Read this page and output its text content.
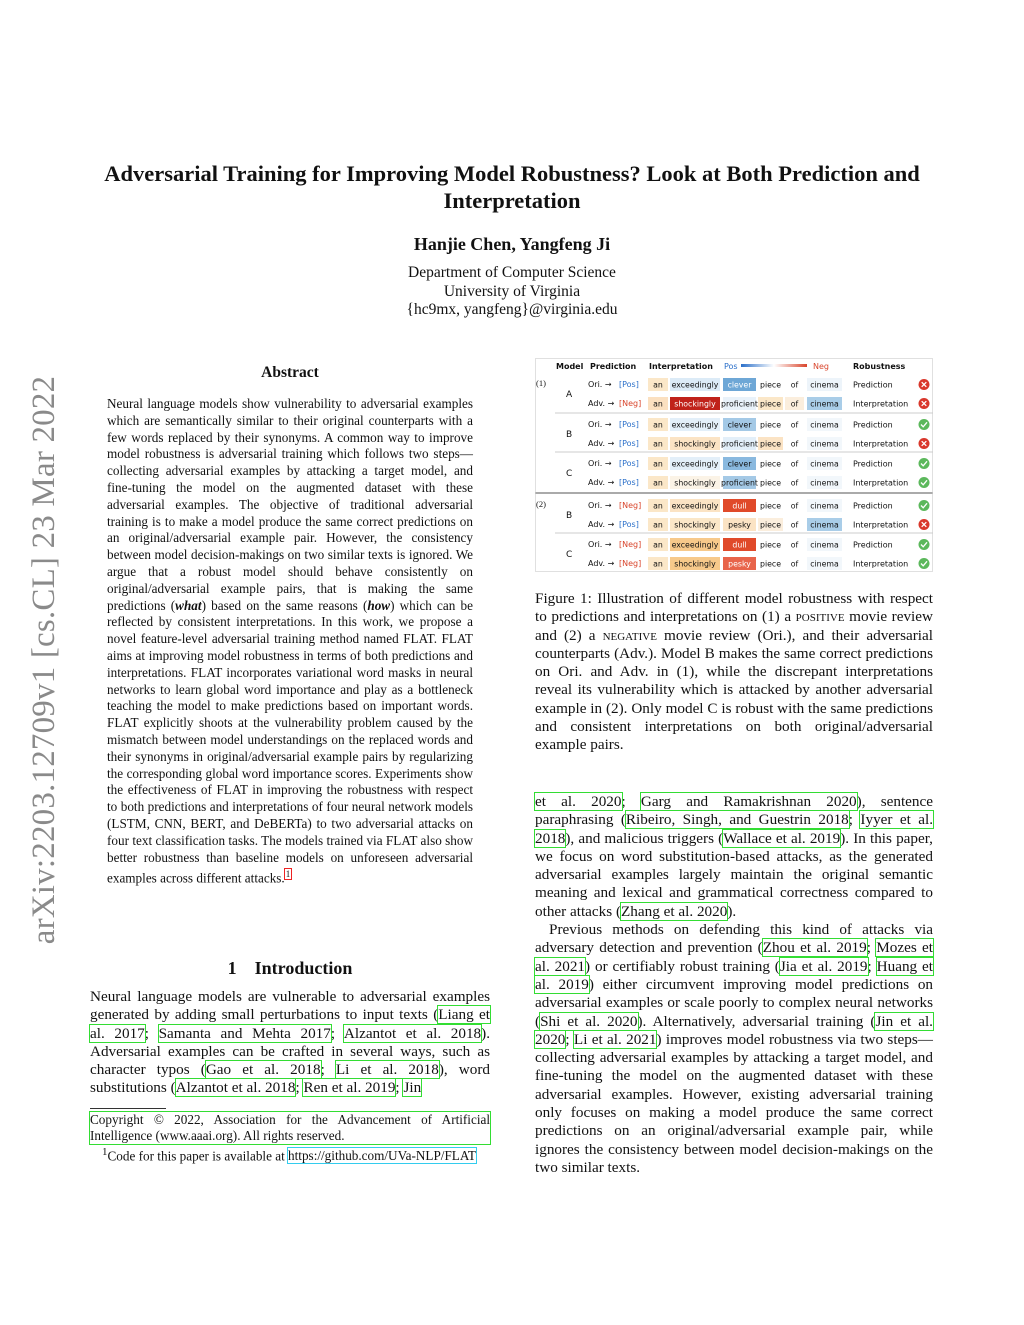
arXiv:2203.12709v1 [cs.CL] 23 Mar 2022
Adversarial Training for Improving Model Robustness? Look at Both Prediction and Interpretation
Hanjie Chen, Yangfeng Ji
Department of Computer Science
University of Virginia
{hc9mx, yangfeng}@virginia.edu
Abstract
Neural language models show vulnerability to adversarial examples which are semantically similar to their original counterparts with a few words replaced by their synonyms. A common way to improve model robustness is adversarial training which follows two steps—collecting adversarial examples by attacking a target model, and fine-tuning the model on the augmented dataset with these adversarial examples. The objective of traditional adversarial training is to make a model produce the same correct predictions on an original/adversarial example pair. However, the consistency between model decision-makings on two similar texts is ignored. We argue that a robust model should behave consistently on original/adversarial example pairs, that is making the same predictions (what) based on the same reasons (how) which can be reflected by consistent interpretations. In this work, we propose a novel feature-level adversarial training method named FLAT. FLAT aims at improving model robustness in terms of both predictions and interpretations. FLAT incorporates variational word masks in neural networks to learn global word importance and play as a bottleneck teaching the model to make predictions based on important words. FLAT explicitly shoots at the vulnerability problem caused by the mismatch between model understandings on the replaced words and their synonyms in original/adversarial example pairs by regularizing the corresponding global word importance scores. Experiments show the effectiveness of FLAT in improving the robustness with respect to both predictions and interpretations of four neural network models (LSTM, CNN, BERT, and DeBERTa) to two adversarial attacks on four text classification tasks. The models trained via FLAT also show better robustness than baseline models on unforeseen adversarial examples across different attacks.$^1$
1 Introduction
Neural language models are vulnerable to adversarial examples generated by adding small perturbations to input texts (Liang et al. 2017; Samanta and Mehta 2017; Alzantot et al. 2018). Adversarial examples can be crafted in several ways, such as character typos (Gao et al. 2018; Li et al. 2018), word substitutions (Alzantot et al. 2018; Ren et al. 2019; Jin

Copyright © 2022, Association for the Advancement of Artificial Intelligence (www.aaai.org). All rights reserved.

$^1$Code for this paper is available at https://github.com/UVa-NLP/FLAT

Model Prediction Interpretation Pos	Neg	Robustness
(1)
A
Ori. → [Pos] an exceedingly clever piece of cinema Prediction
Adv. → [Neg] an shockingly proficient piece of cinema Interpretation
B
Ori. → [Pos] an exceedingly clever piece of cinema Prediction
Adv. → [Pos] an shockingly proficient piece of cinema Interpretation
C
Ori. → [Pos] an exceedingly clever piece of cinema Prediction
Adv. → [Pos] an shockingly proficient piece of cinema Interpretation
(2)
B
Ori. → [Neg] an exceedingly dull piece of cinema Prediction
Adv. → [Pos] an shockingly pesky piece of cinema Interpretation
C
Ori. → [Neg] an exceedingly dull piece of cinema Prediction
Adv. → [Neg] an shockingly pesky piece of cinema Interpretation
Figure 1: Illustration of different model robustness with respect to predictions and interpretations on (1) a positive movie review and (2) a negative movie review (Ori.), and their adversarial counterparts (Adv.). Model B makes the same correct predictions on Ori. and Adv. in (1), while the discrepant interpretations reveal its vulnerability which is attacked by another adversarial example in (2). Only model C is robust with the same predictions and consistent interpretations on both original/adversarial example pairs.

et al. 2020; Garg and Ramakrishnan 2020), sentence paraphrasing (Ribeiro, Singh, and Guestrin 2018; Iyyer et al. 2018), and malicious triggers (Wallace et al. 2019). In this paper, we focus on word substitution-based attacks, as the generated adversarial examples largely maintain the original semantic meaning and lexical and grammatical correctness compared to other attacks (Zhang et al. 2020).

Previous methods on defending this kind of attacks via adversary detection and prevention (Zhou et al. 2019; Mozes et al. 2021) or certifiably robust training (Jia et al. 2019; Huang et al. 2019) either circumvent improving model predictions on adversarial examples or scale poorly to complex neural networks (Shi et al. 2020). Alternatively, adversarial training (Jin et al. 2020; Li et al. 2021) improves model robustness via two steps—collecting adversarial examples by attacking a target model, and fine-tuning the model on the augmented dataset with these adversarial examples. However, existing adversarial training only focuses on making a model produce the same correct predictions on an original/adversarial example pair, while ignores the consistency between model decision-makings on the two similar texts.
